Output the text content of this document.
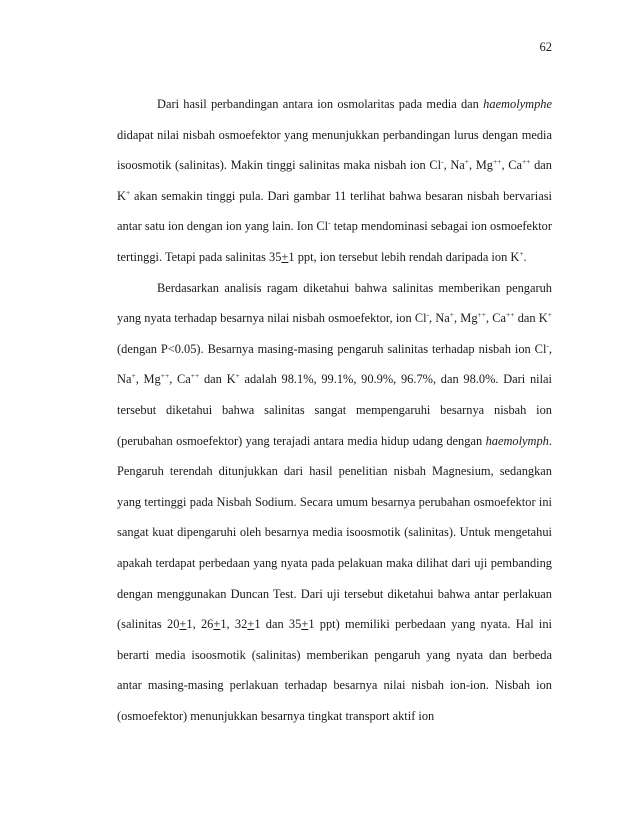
62

Dari hasil perbandingan antara ion osmolaritas pada media dan haemolymphe didapat nilai nisbah osmoefektor yang menunjukkan perbandingan lurus dengan media isoosmotik (salinitas). Makin tinggi salinitas maka nisbah ion Cl-, Na+, Mg++, Ca++ dan K+ akan semakin tinggi pula. Dari gambar 11 terlihat bahwa besaran nisbah bervariasi antar satu ion dengan ion yang lain. Ion Cl- tetap mendominasi sebagai ion osmoefektor tertinggi. Tetapi pada salinitas 35+1 ppt, ion tersebut lebih rendah daripada ion K+.

Berdasarkan analisis ragam diketahui bahwa salinitas memberikan pengaruh yang nyata terhadap besarnya nilai nisbah osmoefektor, ion Cl-, Na+, Mg++, Ca++ dan K+ (dengan P<0.05). Besarnya masing-masing pengaruh salinitas terhadap nisbah ion Cl-, Na+, Mg++, Ca++ dan K+ adalah 98.1%, 99.1%, 90.9%, 96.7%, dan 98.0%. Dari nilai tersebut diketahui bahwa salinitas sangat mempengaruhi besarnya nisbah ion (perubahan osmoefektor) yang terajadi antara media hidup udang dengan haemolymph. Pengaruh terendah ditunjukkan dari hasil penelitian nisbah Magnesium, sedangkan yang tertinggi pada Nisbah Sodium. Secara umum besarnya perubahan osmoefektor ini sangat kuat dipengaruhi oleh besarnya media isoosmotik (salinitas). Untuk mengetahui apakah terdapat perbedaan yang nyata pada pelakuan maka dilihat dari uji pembanding dengan menggunakan Duncan Test. Dari uji tersebut diketahui bahwa antar perlakuan (salinitas 20+1, 26+1, 32+1 dan 35+1 ppt) memiliki perbedaan yang nyata. Hal ini berarti media isoosmotik (salinitas) memberikan pengaruh yang nyata dan berbeda antar masing-masing perlakuan terhadap besarnya nilai nisbah ion-ion. Nisbah ion (osmoefektor) menunjukkan besarnya tingkat transport aktif ion
